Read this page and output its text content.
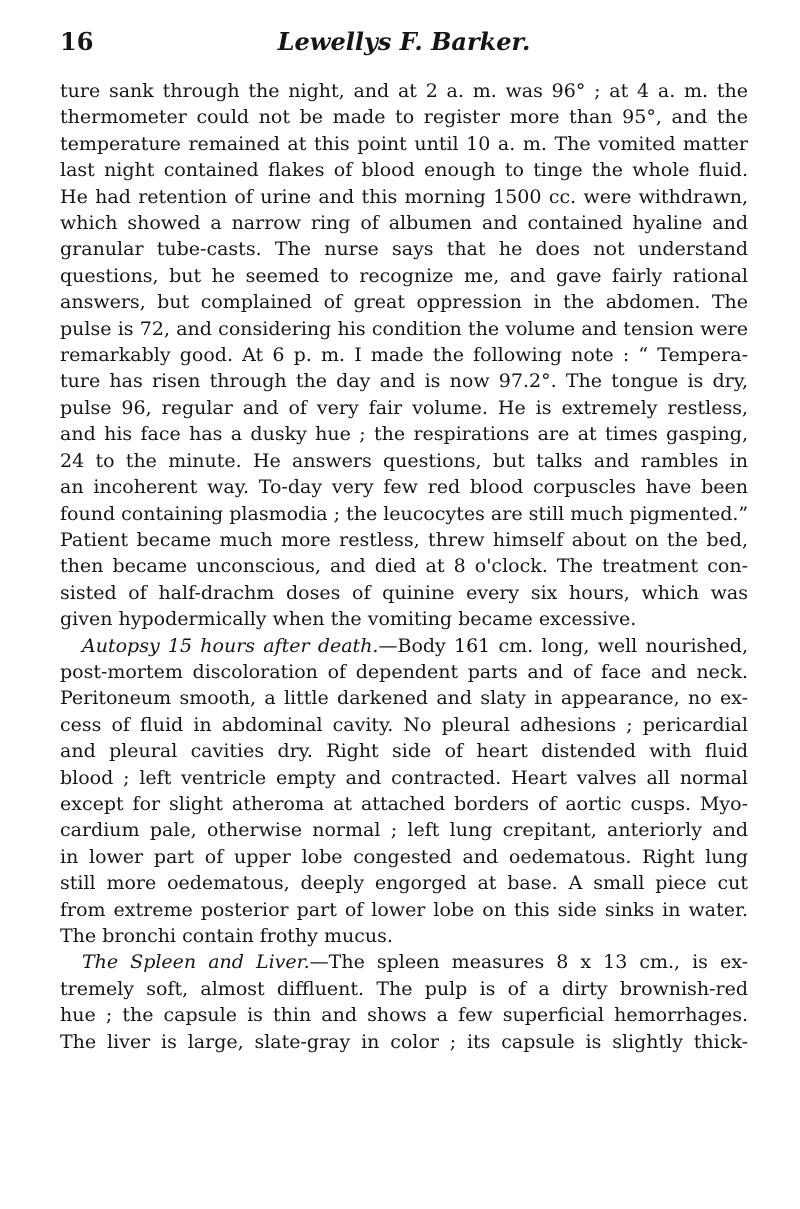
16	Lewellys F. Barker.
ture sank through the night, and at 2 a. m. was 96° ; at 4 a. m. the
thermometer could not be made to register more than 95°, and the
temperature remained at this point until 10 a. m. The vomited matter
last night contained flakes of blood enough to tinge the whole fluid.
He had retention of urine and this morning 1500 cc. were withdrawn,
which showed a narrow ring of albumen and contained hyaline and
granular tube-casts. The nurse says that he does not understand
questions, but he seemed to recognize me, and gave fairly rational
answers, but complained of great oppression in the abdomen. The
pulse is 72, and considering his condition the volume and tension were
remarkably good. At 6 p. m. I made the following note : “ Tempera-
ture has risen through the day and is now 97.2°. The tongue is dry,
pulse 96, regular and of very fair volume. He is extremely restless,
and his face has a dusky hue ; the respirations are at times gasping,
24 to the minute. He answers questions, but talks and rambles in
an incoherent way. To-day very few red blood corpuscles have been
found containing plasmodia ; the leucocytes are still much pigmented.”
Patient became much more restless, threw himself about on the bed,
then became unconscious, and died at 8 o'clock. The treatment con-
sisted of half-drachm doses of quinine every six hours, which was
given hypodermically when the vomiting became excessive.
Autopsy 15 hours after death.—Body 161 cm. long, well nourished,
post-mortem discoloration of dependent parts and of face and neck.
Peritoneum smooth, a little darkened and slaty in appearance, no ex-
cess of fluid in abdominal cavity. No pleural adhesions ; pericardial
and pleural cavities dry. Right side of heart distended with fluid
blood ; left ventricle empty and contracted. Heart valves all normal
except for slight atheroma at attached borders of aortic cusps. Myo-
cardium pale, otherwise normal ; left lung crepitant, anteriorly and
in lower part of upper lobe congested and oedematous. Right lung
still more oedematous, deeply engorged at base. A small piece cut
from extreme posterior part of lower lobe on this side sinks in water.
The bronchi contain frothy mucus.
The Spleen and Liver.—The spleen measures 8 x 13 cm., is ex-
tremely soft, almost diffluent. The pulp is of a dirty brownish-red
hue ; the capsule is thin and shows a few superficial hemorrhages.
The liver is large, slate-gray in color ; its capsule is slightly thick-
